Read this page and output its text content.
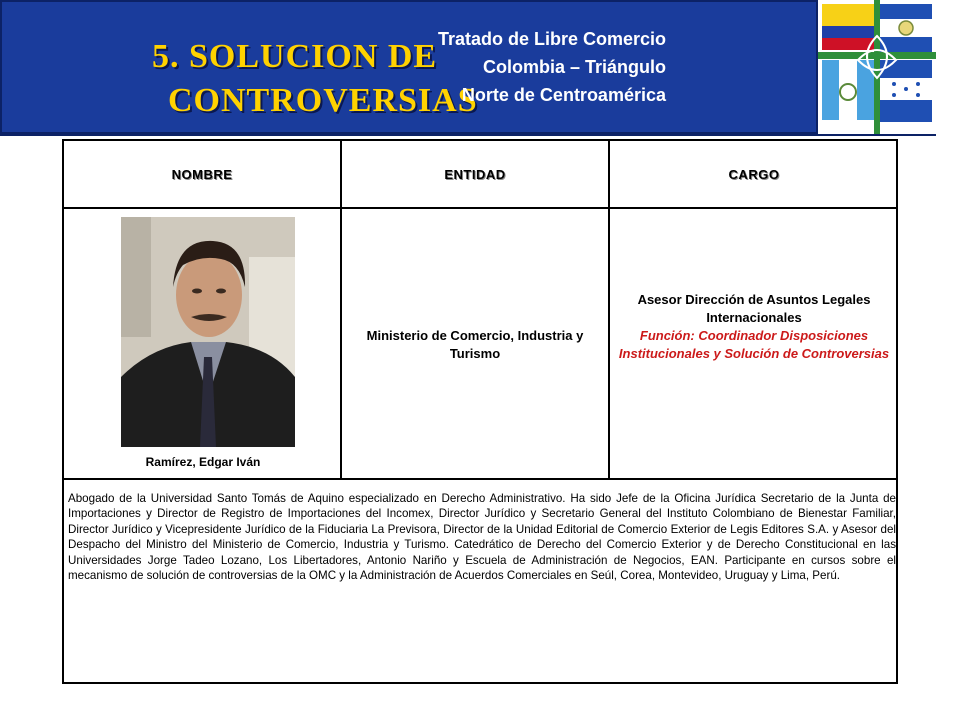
5. SOLUCION DE
CONTROVERSIAS
Tratado de Libre Comercio
Colombia – Triángulo
Norte de Centroamérica
NOMBRE	ENTIDAD	CARGO
Ramírez, Edgar Iván
Ministerio de Comercio, Industria y Turismo
Asesor Dirección de Asuntos Legales Internacionales
Función: Coordinador Disposiciones Institucionales y Solución de Controversias
Abogado de la Universidad Santo Tomás de Aquino especializado en Derecho Administrativo. Ha sido Jefe de la Oficina Jurídica Secretario de la Junta de Importaciones y Director de Registro de Importaciones del Incomex, Director Jurídico y Secretario General del Instituto Colombiano de Bienestar Familiar, Director Jurídico y Vicepresidente Jurídico de la Fiduciaria La Previsora, Director de la Unidad Editorial de Comercio Exterior de Legis Editores S.A. y Asesor del Despacho del Ministro del Ministerio de Comercio, Industria y Turismo. Catedrático de Derecho del Comercio Exterior y de Derecho Constitucional en las Universidades Jorge Tadeo Lozano, Los Libertadores, Antonio Nariño y Escuela de Administración de Negocios, EAN. Participante en cursos sobre el mecanismo de solución de controversias de la OMC y la Administración de Acuerdos Comerciales en Seúl, Corea, Montevideo, Uruguay y Lima, Perú.
